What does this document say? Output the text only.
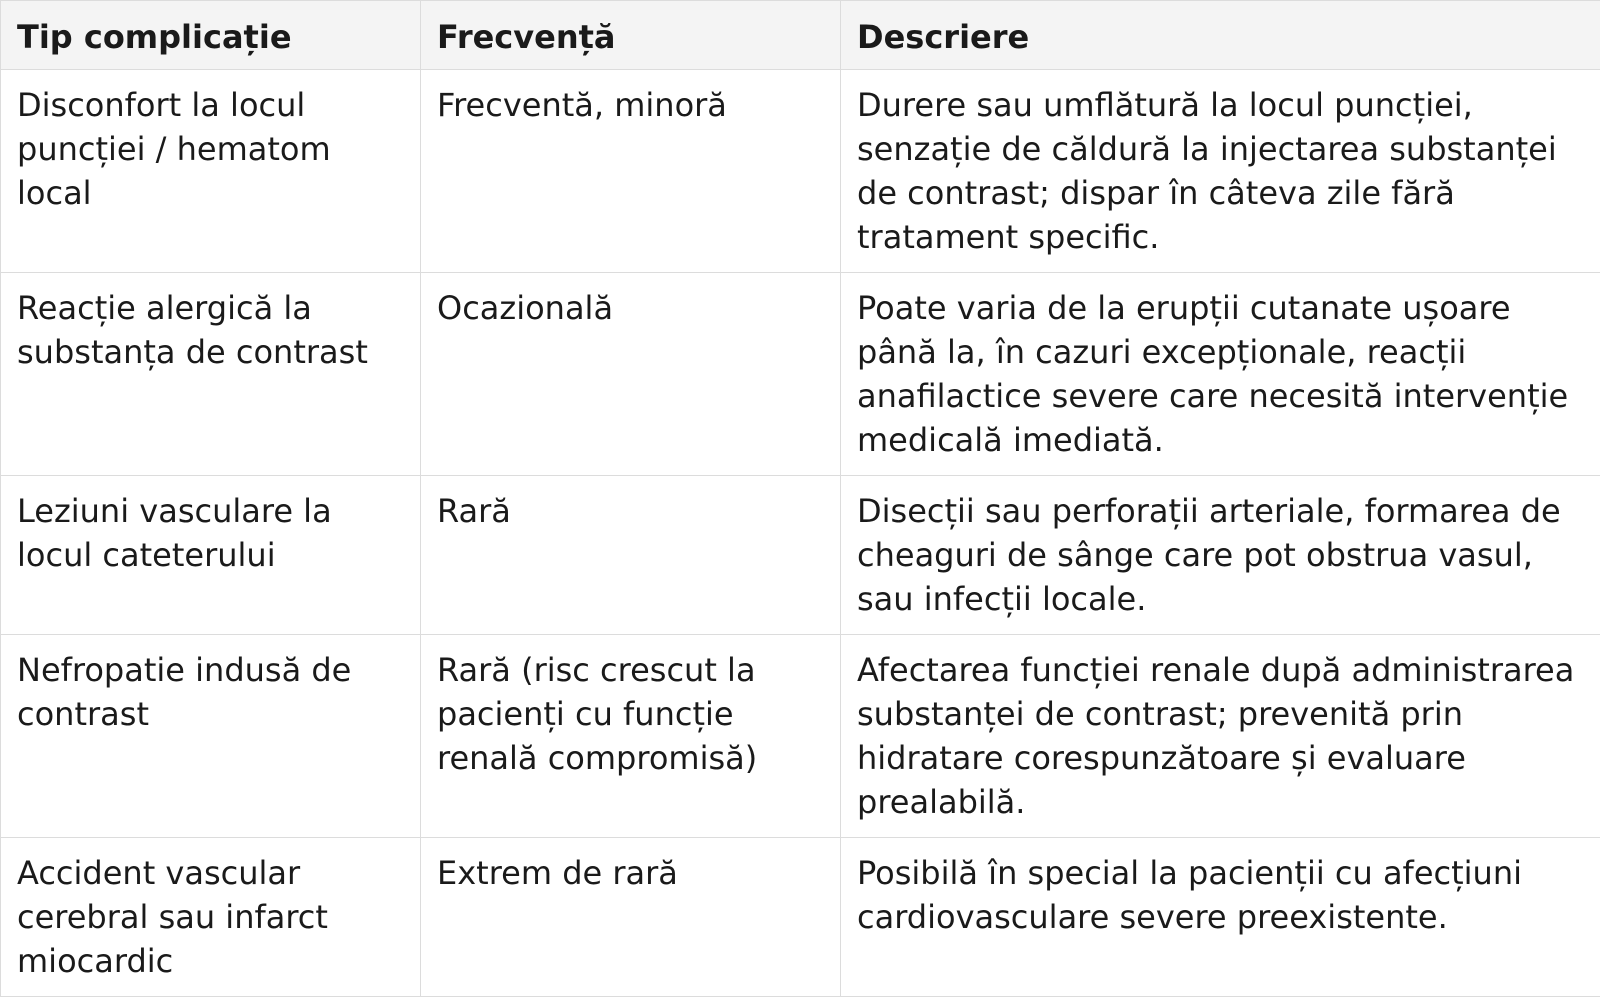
Tip complicație	Frecvență	Descriere
Disconfort la locul puncției / hematom local	Frecventă, minoră	Durere sau umflătură la locul puncției, senzație de căldură la injectarea substanței de contrast; dispar în câteva zile fără tratament specific.
Reacție alergică la substanța de contrast	Ocazională	Poate varia de la erupții cutanate ușoare până la, în cazuri excepționale, reacții anafilactice severe care necesită intervenție medicală imediată.
Leziuni vasculare la locul cateterului	Rară	Disecții sau perforații arteriale, formarea de cheaguri de sânge care pot obstrua vasul, sau infecții locale.
Nefropatie indusă de contrast	Rară (risc crescut la pacienți cu funcție renală compromisă)	Afectarea funcției renale după administrarea substanței de contrast; prevenită prin hidratare corespunzătoare și evaluare prealabilă.
Accident vascular cerebral sau infarct miocardic	Extrem de rară	Posibilă în special la pacienții cu afecțiuni cardiovasculare severe preexistente.
